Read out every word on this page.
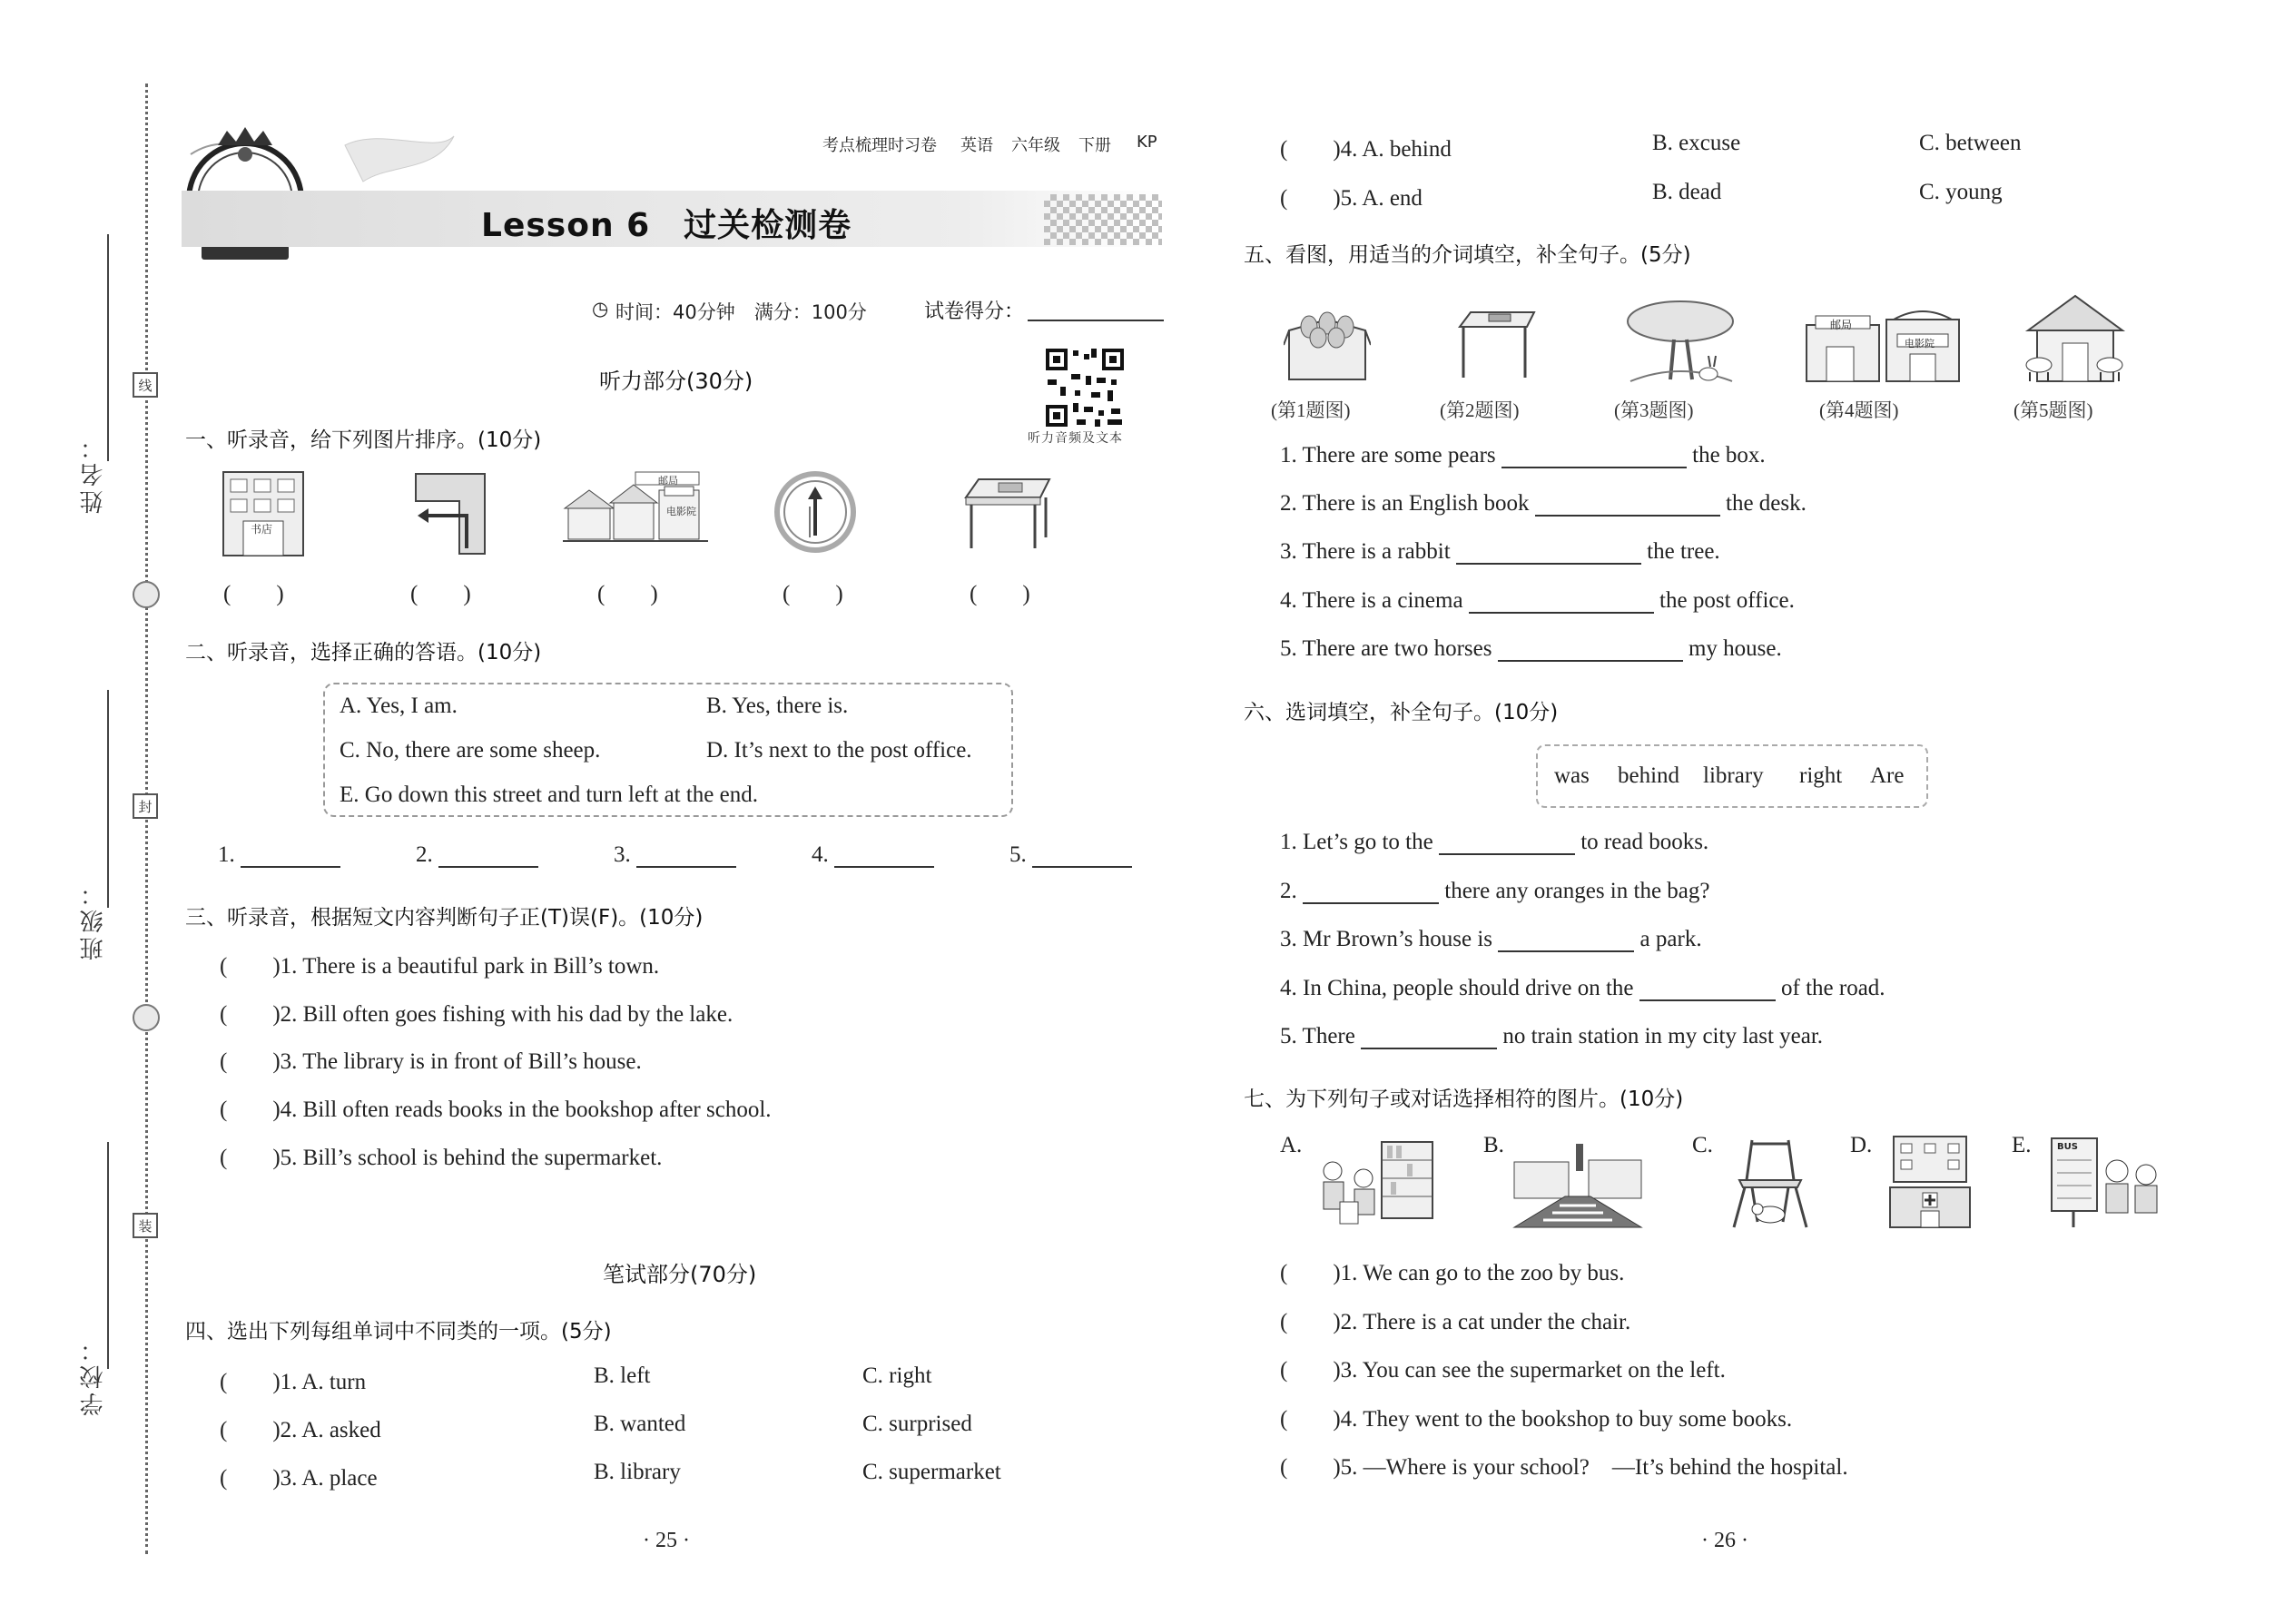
姓名：
班级：
学校：
线
封
装
考点梳理时习卷 英语 六年级 下册 KP
Lesson 6　过关检测卷
◷ 时间：40分钟　满分：100分	试卷得分：
听力音频及文本
听力部分(30分)
一、听录音，给下列图片排序。(10分)
书店
邮局
电影院
(　　)	(　　)	(　　)	(　　)	(　　)
二、听录音，选择正确的答语。(10分)
A. Yes, I am.	B. Yes, there is.
C. No, there are some sheep.	D. It’s next to the post office.
E. Go down this street and turn left at the end.
1.	2.	3.	4.	5.
三、听录音，根据短文内容判断句子正(T)误(F)。(10分)
(　　)1. There is a beautiful park in Bill’s town.
(　　)2. Bill often goes fishing with his dad by the lake.
(　　)3. The library is in front of Bill’s house.
(　　)4. Bill often reads books in the bookshop after school.
(　　)5. Bill’s school is behind the supermarket.
笔试部分(70分)
四、选出下列每组单词中不同类的一项。(5分)
(　　)1. A. turn	B. left	C. right
(　　)2. A. asked	B. wanted	C. surprised
(　　)3. A. place	B. library	C. supermarket
· 25 ·
(　　)4. A. behind	B. excuse	C. between
(　　)5. A. end	B. dead	C. young
五、看图，用适当的介词填空，补全句子。(5分)
邮局
电影院
(第1题图)	(第2题图)	(第3题图)	(第4题图)	(第5题图)
1. There are some pears	the box.
2. There is an English book	the desk.
3. There is a rabbit	the tree.
4. There is a cinema	the post office.
5. There are two horses	my house.
六、选词填空，补全句子。(10分)
was behind library right Are
1. Let’s go to the	to read books.
2.	there any oranges in the bag?
3. Mr Brown’s house is	a park.
4. In China, people should drive on the	of the road.
5. There	no train station in my city last year.
七、为下列句子或对话选择相符的图片。(10分)
A.	B.	C.	D.	E.	BUS
(　　)1. We can go to the zoo by bus.
(　　)2. There is a cat under the chair.
(　　)3. You can see the supermarket on the left.
(　　)4. They went to the bookshop to buy some books.
(　　)5. —Where is your school?　—It’s behind the hospital.
· 26 ·
